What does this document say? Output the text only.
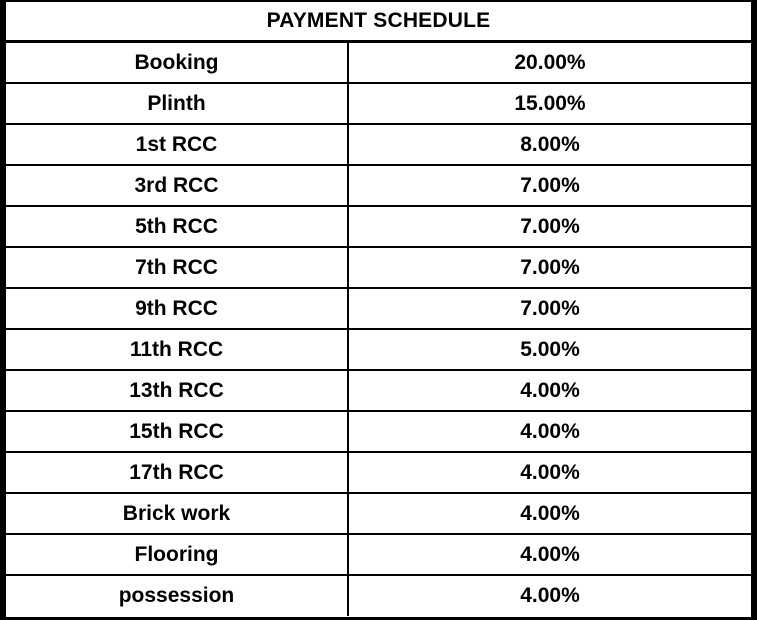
PAYMENT SCHEDULE
Booking	20.00%
Plinth	15.00%
1st RCC	8.00%
3rd RCC	7.00%
5th RCC	7.00%
7th RCC	7.00%
9th RCC	7.00%
11th RCC	5.00%
13th RCC	4.00%
15th RCC	4.00%
17th RCC	4.00%
Brick work	4.00%
Flooring	4.00%
possession	4.00%
